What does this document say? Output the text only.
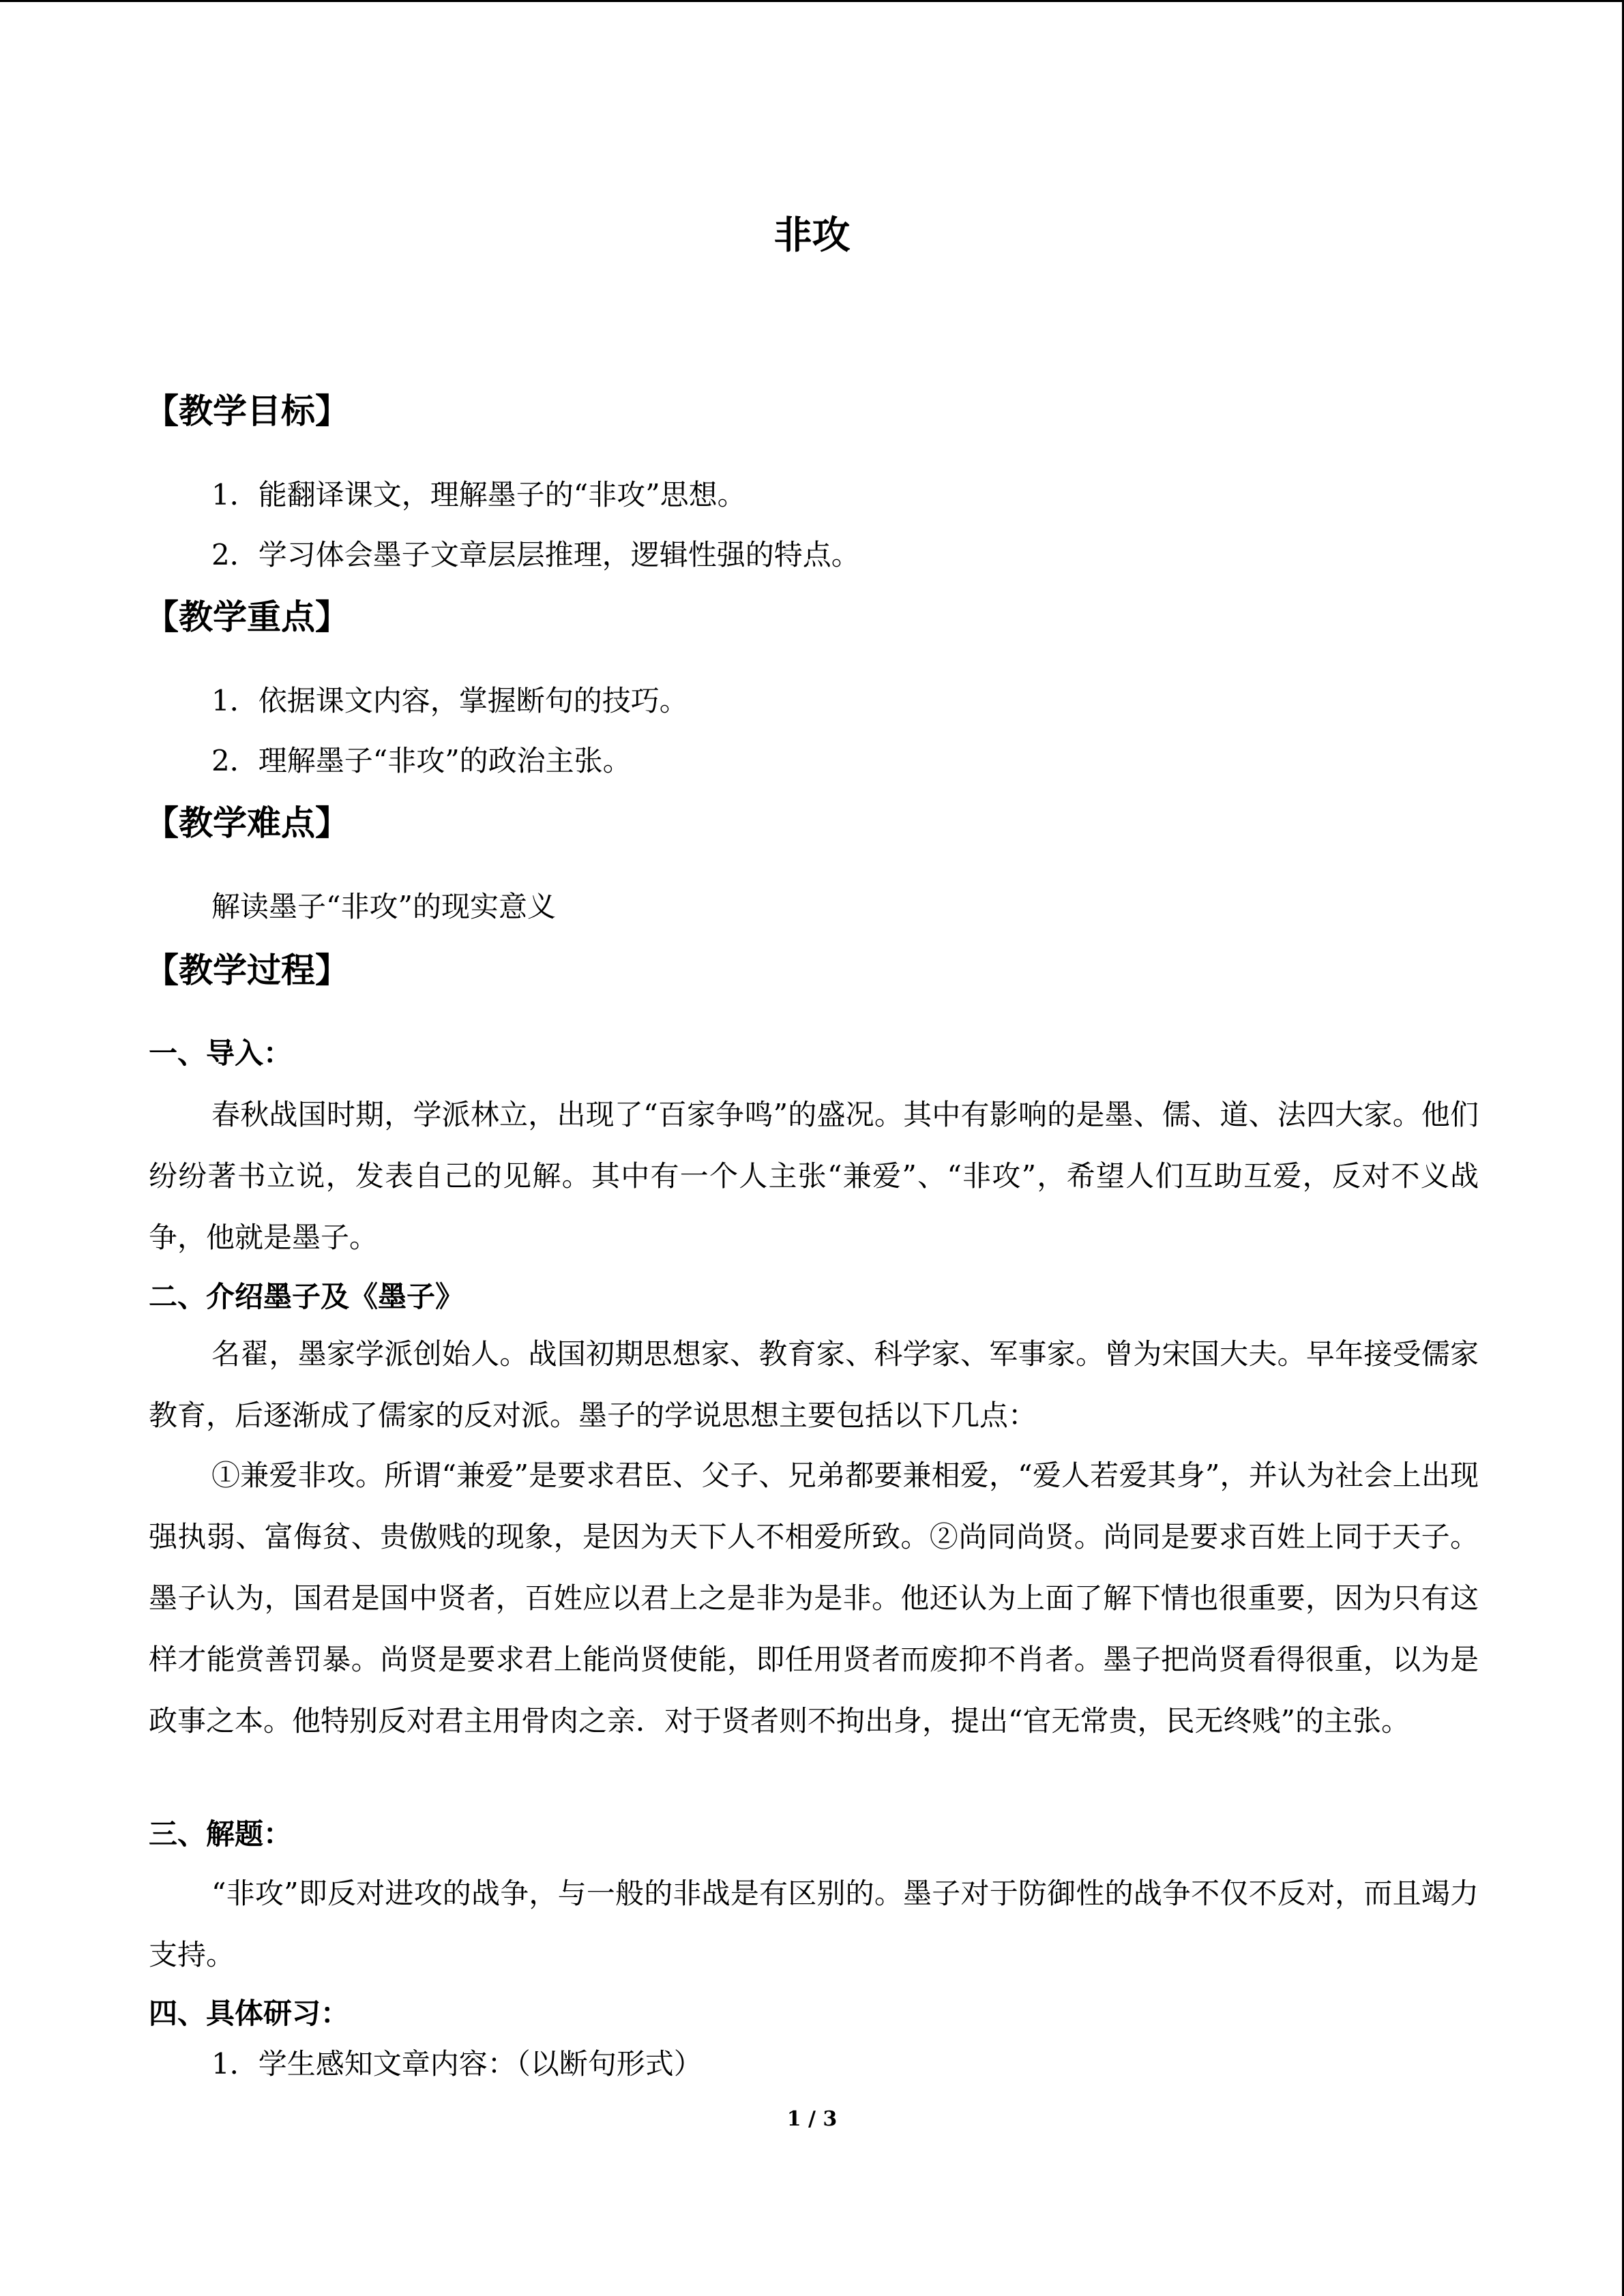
非攻
【教学目标】
1．能翻译课文，理解墨子的“非攻”思想。
2．学习体会墨子文章层层推理，逻辑性强的特点。
【教学重点】
1．依据课文内容，掌握断句的技巧。
2．理解墨子“非攻”的政治主张。
【教学难点】
解读墨子“非攻”的现实意义
【教学过程】
一、导入：
春秋战国时期，学派林立，出现了“百家争鸣”的盛况。其中有影响的是墨、儒、道、法四大家。他们纷纷著书立说，发表自己的见解。其中有一个人主张“兼爱”、“非攻”，希望人们互助互爱，反对不义战争，他就是墨子。
二、介绍墨子及《墨子》
名翟，墨家学派创始人。战国初期思想家、教育家、科学家、军事家。曾为宋国大夫。早年接受儒家教育，后逐渐成了儒家的反对派。墨子的学说思想主要包括以下几点：
①兼爱非攻。所谓“兼爱”是要求君臣、父子、兄弟都要兼相爱，“爱人若爱其身”，并认为社会上出现强执弱、富侮贫、贵傲贱的现象，是因为天下人不相爱所致。②尚同尚贤。尚同是要求百姓上同于天子。墨子认为，国君是国中贤者，百姓应以君上之是非为是非。他还认为上面了解下情也很重要，因为只有这样才能赏善罚暴。尚贤是要求君上能尚贤使能，即任用贤者而废抑不肖者。墨子把尚贤看得很重，以为是政事之本。他特别反对君主用骨肉之亲．对于贤者则不拘出身，提出“官无常贵，民无终贱”的主张。
三、解题：
“非攻”即反对进攻的战争，与一般的非战是有区别的。墨子对于防御性的战争不仅不反对，而且竭力支持。
四、具体研习：
1．学生感知文章内容：（以断句形式）
1 / 3
